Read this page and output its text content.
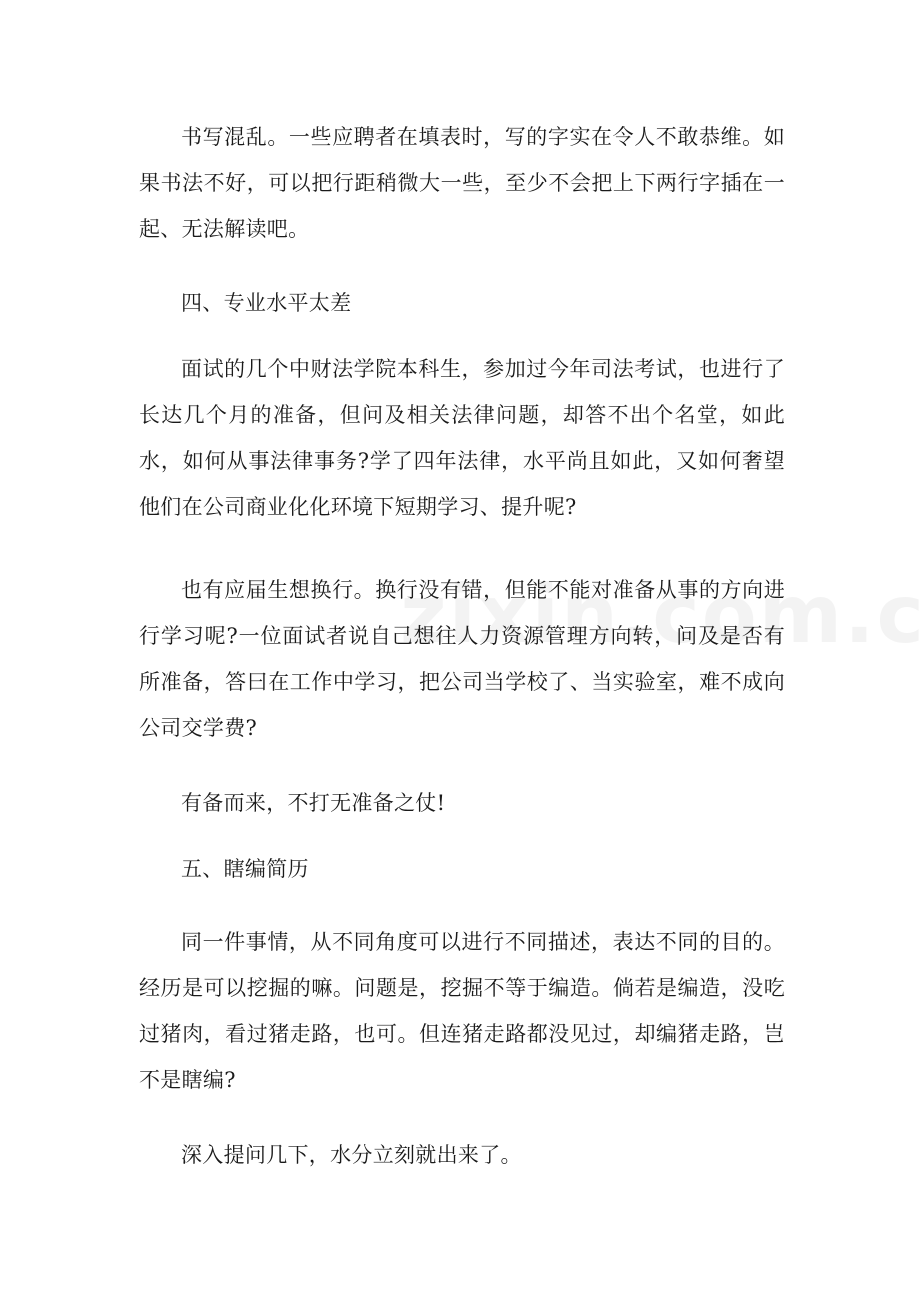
书写混乱。一些应聘者在填表时，写的字实在令人不敢恭维。如果书法不好，可以把行距稍微大一些，至少不会把上下两行字插在一起、无法解读吧。

四、专业水平太差

面试的几个中财法学院本科生，参加过今年司法考试，也进行了长达几个月的准备，但问及相关法律问题，却答不出个名堂，如此水，如何从事法律事务?学了四年法律，水平尚且如此，又如何奢望他们在公司商业化化环境下短期学习、提升呢?

也有应届生想换行。换行没有错，但能不能对准备从事的方向进行学习呢?一位面试者说自己想往人力资源管理方向转，问及是否有所准备，答曰在工作中学习，把公司当学校了、当实验室，难不成向公司交学费?

有备而来，不打无准备之仗!

五、瞎编简历

同一件事情，从不同角度可以进行不同描述，表达不同的目的。经历是可以挖掘的嘛。问题是，挖掘不等于编造。倘若是编造，没吃过猪肉，看过猪走路，也可。但连猪走路都没见过，却编猪走路，岂不是瞎编?

深入提问几下，水分立刻就出来了。
